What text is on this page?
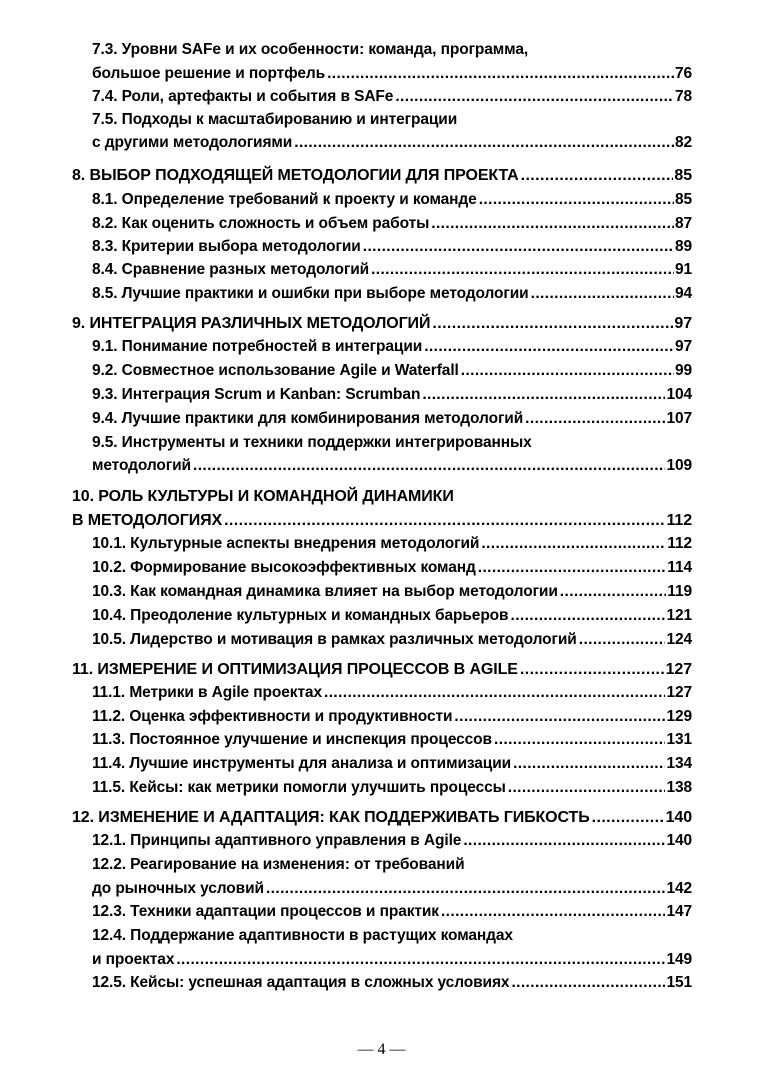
7.3. Уровни SAFe и их особенности: команда, программа,
большое решение и портфель .....	76
7.4. Роли, артефакты и события в SAFe .....	78
7.5. Подходы к масштабированию и интеграции
с другими методологиями .....	82
8. ВЫБОР ПОДХОДЯЩЕЙ МЕТОДОЛОГИИ ДЛЯ ПРОЕКТА .....	85
8.1. Определение требований к проекту и команде .....	85
8.2. Как оценить сложность и объем работы .....	87
8.3. Критерии выбора методологии .....	89
8.4. Сравнение разных методологий .....	91
8.5. Лучшие практики и ошибки при выборе методологии .....	94
9. ИНТЕГРАЦИЯ РАЗЛИЧНЫХ МЕТОДОЛОГИЙ .....	97
9.1. Понимание потребностей в интеграции .....	97
9.2. Совместное использование Agile и Waterfall .....	99
9.3. Интеграция Scrum и Kanban: Scrumban .....	104
9.4. Лучшие практики для комбинирования методологий .....	107
9.5. Инструменты и техники поддержки интегрированных
методологий .....	109
10. РОЛЬ КУЛЬТУРЫ И КОМАНДНОЙ ДИНАМИКИ
В МЕТОДОЛОГИЯХ .....	112
10.1. Культурные аспекты внедрения методологий .....	112
10.2. Формирование высокоэффективных команд .....	114
10.3. Как командная динамика влияет на выбор методологии .....	119
10.4. Преодоление культурных и командных барьеров .....	121
10.5. Лидерство и мотивация в рамках различных методологий .....	124
11. ИЗМЕРЕНИЕ И ОПТИМИЗАЦИЯ ПРОЦЕССОВ В AGILE .....	127
11.1. Метрики в Agile проектах .....	127
11.2. Оценка эффективности и продуктивности .....	129
11.3. Постоянное улучшение и инспекция процессов .....	131
11.4. Лучшие инструменты для анализа и оптимизации .....	134
11.5. Кейсы: как метрики помогли улучшить процессы .....	138
12. ИЗМЕНЕНИЕ И АДАПТАЦИЯ: КАК ПОДДЕРЖИВАТЬ ГИБКОСТЬ .....	140
12.1. Принципы адаптивного управления в Agile .....	140
12.2. Реагирование на изменения: от требований
до рыночных условий .....	142
12.3. Техники адаптации процессов и практик .....	147
12.4. Поддержание адаптивности в растущих командах
и проектах .....	149
12.5. Кейсы: успешная адаптация в сложных условиях .....	151
— 4 —
